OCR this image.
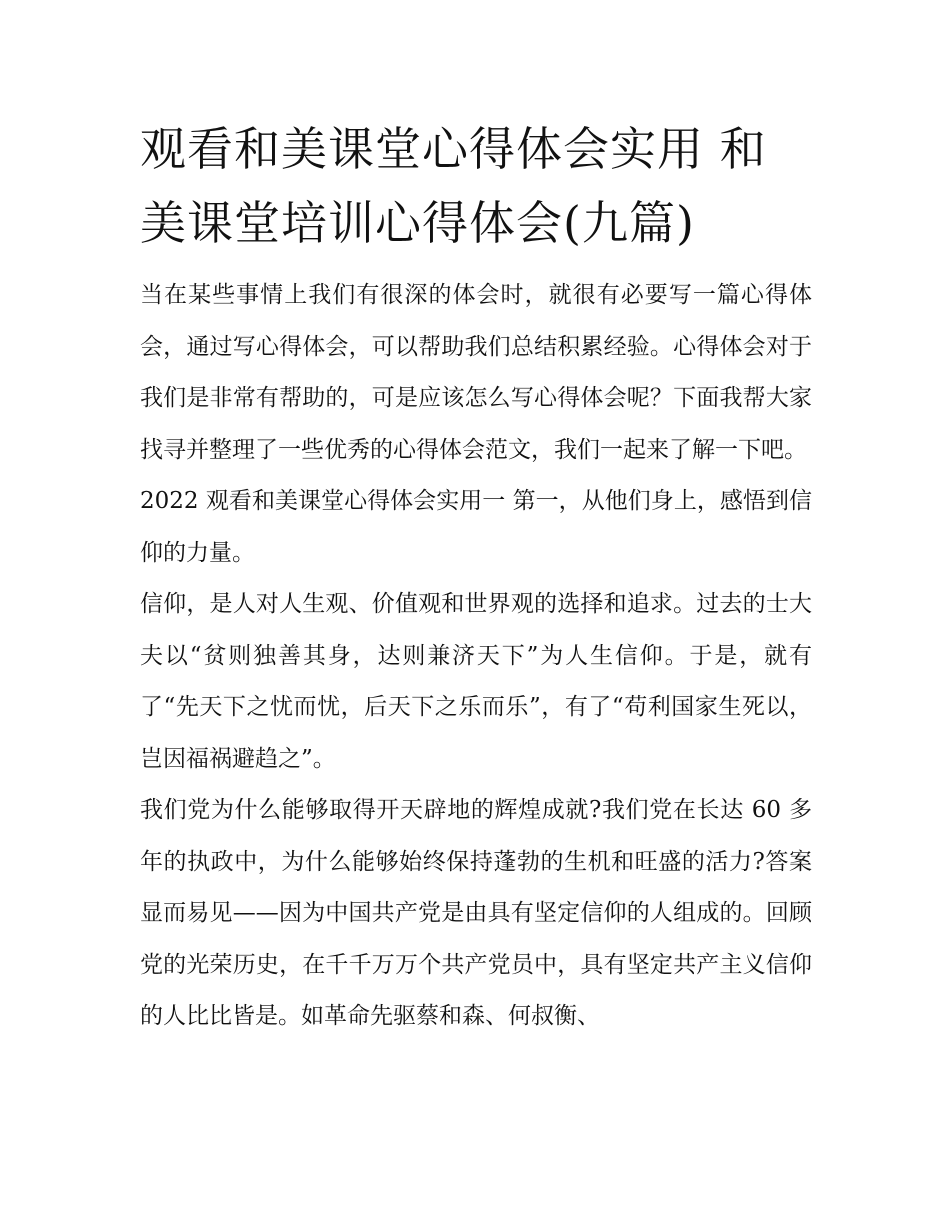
观看和美课堂心得体会实用 和美课堂培训心得体会(九篇)

当在某些事情上我们有很深的体会时，就很有必要写一篇心得体会，通过写心得体会，可以帮助我们总结积累经验。心得体会对于我们是非常有帮助的，可是应该怎么写心得体会呢？下面我帮大家找寻并整理了一些优秀的心得体会范文，我们一起来了解一下吧。

2022 观看和美课堂心得体会实用一 第一，从他们身上，感悟到信仰的力量。

信仰，是人对人生观、价值观和世界观的选择和追求。过去的士大夫以“贫则独善其身，达则兼济天下”为人生信仰。于是，就有了“先天下之忧而忧，后天下之乐而乐”，有了“苟利国家生死以，岂因福祸避趋之”。

我们党为什么能够取得开天辟地的辉煌成就?我们党在长达 60 多年的执政中，为什么能够始终保持蓬勃的生机和旺盛的活力?答案显而易见——因为中国共产党是由具有坚定信仰的人组成的。回顾党的光荣历史，在千千万万个共产党员中，具有坚定共产主义信仰的人比比皆是。如革命先驱蔡和森、何叔衡、
